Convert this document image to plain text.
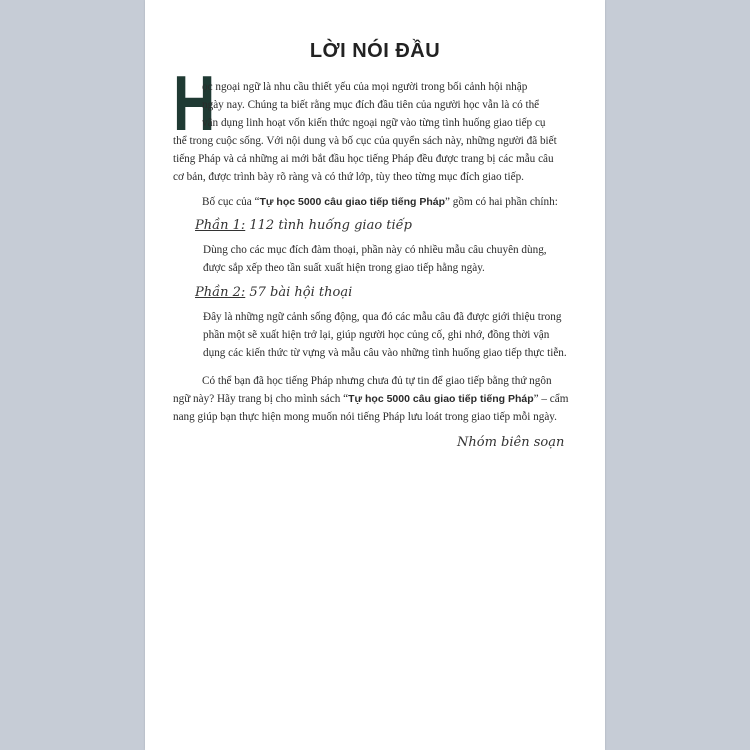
LỜI NÓI ĐẦU
H
ọc ngoại ngữ là nhu cầu thiết yếu của mọi người trong bối cảnh hội nhập
ngày nay. Chúng ta biết rằng mục đích đầu tiên của người học vẫn là có thể
vận dụng linh hoạt vốn kiến thức ngoại ngữ vào từng tình huống giao tiếp cụ
thể trong cuộc sống. Với nội dung và bố cục của quyển sách này, những người đã biết
tiếng Pháp và cả những ai mới bắt đầu học tiếng Pháp đều được trang bị các mẫu câu
cơ bản, được trình bày rõ ràng và có thứ lớp, tùy theo từng mục đích giao tiếp.
Bố cục của “Tự học 5000 câu giao tiếp tiếng Pháp” gồm có hai phần chính:
Phần 1: 112 tình huống giao tiếp
Dùng cho các mục đích đàm thoại, phần này có nhiều mẫu câu chuyên dùng,
được sắp xếp theo tần suất xuất hiện trong giao tiếp hằng ngày.
Phần 2: 57 bài hội thoại
Đây là những ngữ cảnh sống động, qua đó các mẫu câu đã được giới thiệu trong
phần một sẽ xuất hiện trở lại, giúp người học củng cố, ghi nhớ, đồng thời vận
dụng các kiến thức từ vựng và mẫu câu vào những tình huống giao tiếp thực tiễn.
Có thể bạn đã học tiếng Pháp nhưng chưa đủ tự tin để giao tiếp bằng thứ ngôn
ngữ này? Hãy trang bị cho mình sách “Tự học 5000 câu giao tiếp tiếng Pháp” – cẩm
nang giúp bạn thực hiện mong muốn nói tiếng Pháp lưu loát trong giao tiếp mỗi ngày.
Nhóm biên soạn
